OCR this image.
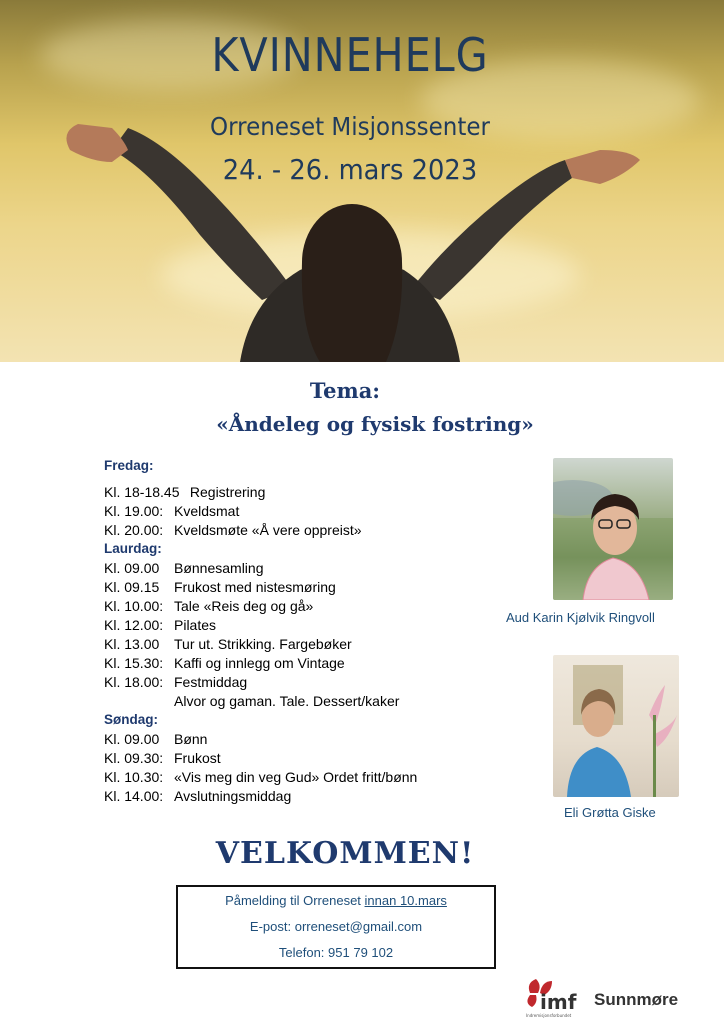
KVINNEHELG
Orreneset Misjonssenter
24. - 26. mars 2023
Tema:
«Åndeleg og fysisk fostring»
Fredag:
Kl. 18-18.45 Registrering
Kl. 19.00: Kveldsmat
Kl. 20.00: Kveldsmøte «Å vere oppreist»
Laurdag:
Kl. 09.00 Bønnesamling
Kl. 09.15 Frukost med nistesmøring
Kl. 10.00: Tale «Reis deg og gå»
Kl. 12.00: Pilates
Kl. 13.00 Tur ut. Strikking. Fargebøker
Kl. 15.30: Kaffi og innlegg om Vintage
Kl. 18.00: Festmiddag
Alvor og gaman. Tale. Dessert/kaker
Søndag:
Kl. 09.00 Bønn
Kl. 09.30: Frukost
Kl. 10.30: «Vis meg din veg Gud» Ordet fritt/bønn
Kl. 14.00: Avslutningsmiddag
Aud Karin Kjølvik Ringvoll
Eli Grøtta Giske
VELKOMMEN!
Påmelding til Orreneset innan 10.mars
E-post: orreneset@gmail.com
Telefon: 951 79 102
imf
Indremisjonsforbundet
Sunnmøre
